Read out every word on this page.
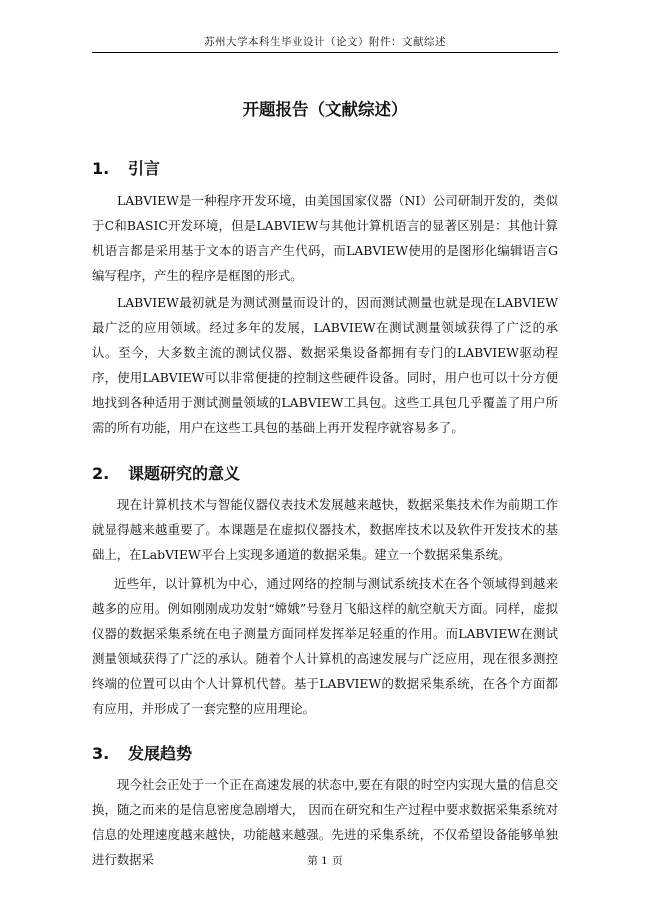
苏州大学本科生毕业设计（论文）附件：文献综述
开题报告（文献综述）
1. 引言

LABVIEW是一种程序开发环境，由美国国家仪器（NI）公司研制开发的，类似于C和BASIC开发环境，但是LABVIEW与其他计算机语言的显著区别是：其他计算机语言都是采用基于文本的语言产生代码，而LABVIEW使用的是图形化编辑语言G编写程序，产生的程序是框图的形式。

LABVIEW最初就是为测试测量而设计的，因而测试测量也就是现在LABVIEW最广泛的应用领域。经过多年的发展，LABVIEW在测试测量领域获得了广泛的承认。至今，大多数主流的测试仪器、数据采集设备都拥有专门的LABVIEW驱动程序，使用LABVIEW可以非常便捷的控制这些硬件设备。同时，用户也可以十分方便地找到各种适用于测试测量领域的LABVIEW工具包。这些工具包几乎覆盖了用户所需的所有功能，用户在这些工具包的基础上再开发程序就容易多了。

2. 课题研究的意义

现在计算机技术与智能仪器仪表技术发展越来越快，数据采集技术作为前期工作就显得越来越重要了。本课题是在虚拟仪器技术，数据库技术以及软件开发技术的基础上，在LabVIEW平台上实现多通道的数据采集。建立一个数据采集系统。

近些年，以计算机为中心，通过网络的控制与测试系统技术在各个领域得到越来越多的应用。例如刚刚成功发射“嫦娥”号登月飞船这样的航空航天方面。同样，虚拟仪器的数据采集系统在电子测量方面同样发挥举足轻重的作用。而LABVIEW在测试测量领域获得了广泛的承认。随着个人计算机的高速发展与广泛应用，现在很多测控终端的位置可以由个人计算机代替。基于LABVIEW的数据采集系统，在各个方面都有应用，并形成了一套完整的应用理论。

3. 发展趋势

现今社会正处于一个正在高速发展的状态中,要在有限的时空内实现大量的信息交换，随之而来的是信息密度急剧增大， 因而在研究和生产过程中要求数据采集系统对信息的处理速度越来越快，功能越来越强。先进的采集系统，不仅希望设备能够单独进行数据采	第 1 页
